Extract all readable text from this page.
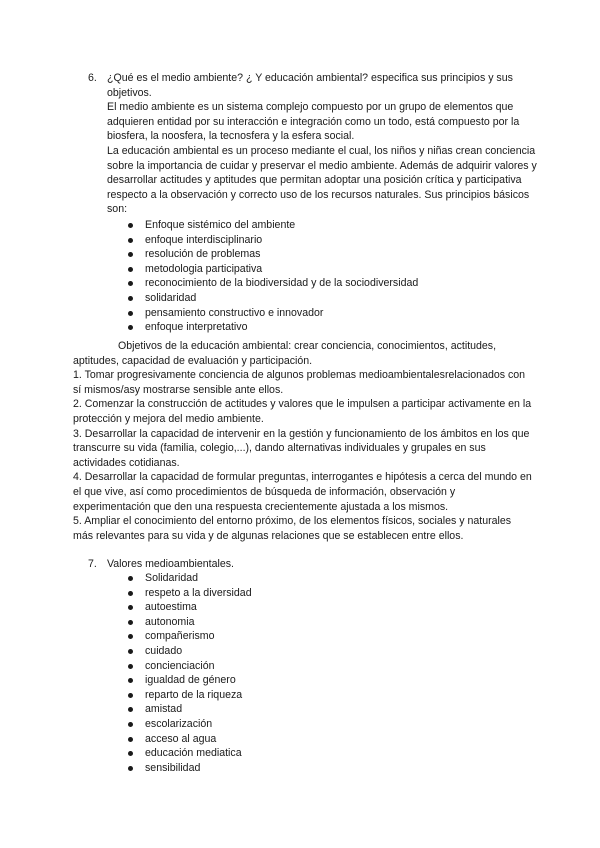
6. ¿Qué es el medio ambiente? ¿ Y educación ambiental? especifica sus principios y sus objetivos.

El medio ambiente es un sistema complejo compuesto por un grupo de elementos que adquieren entidad por su interacción e integración como un todo, está compuesto por la biosfera, la noosfera, la tecnosfera y la esfera social.

La educación ambiental es un proceso mediante el cual, los niños y niñas crean conciencia sobre la importancia de cuidar y preservar el medio ambiente. Además de adquirir valores y desarrollar actitudes y aptitudes que permitan adoptar una posición crítica y participativa respecto a la observación y correcto uso de los recursos naturales. Sus principios básicos son:

Enfoque sistémico del ambiente
enfoque interdisciplinario
resolución de problemas
metodologia participativa
reconocimiento de la biodiversidad y de la sociodiversidad
solidaridad
pensamiento constructivo e innovador
enfoque interpretativo

Objetivos de la educación ambiental: crear conciencia, conocimientos, actitudes, aptitudes, capacidad de evaluación y participación.

1. Tomar progresivamente conciencia de algunos problemas medioambientalesrelacionados con sí mismos/asy mostrarse sensible ante ellos.

2. Comenzar la construcción de actitudes y valores que le impulsen a participar activamente en la protección y mejora del medio ambiente.

3. Desarrollar la capacidad de intervenir en la gestión y funcionamiento de los ámbitos en los que transcurre su vida (familia, colegio,...), dando alternativas individuales y grupales en sus actividades cotidianas.

4. Desarrollar la capacidad de formular preguntas, interrogantes e hipótesis a cerca del mundo en el que vive, así como procedimientos de búsqueda de información, observación y experimentación que den una respuesta crecientemente ajustada a los mismos.

5. Ampliar el conocimiento del entorno próximo, de los elementos físicos, sociales y naturales más relevantes para su vida y de algunas relaciones que se establecen entre ellos.

7. Valores medioambientales.
Solidaridad
respeto a la diversidad
autoestima
autonomia
compañerismo
cuidado
concienciación
igualdad de género
reparto de la riqueza
amistad
escolarización
acceso al agua
educación mediatica
sensibilidad
